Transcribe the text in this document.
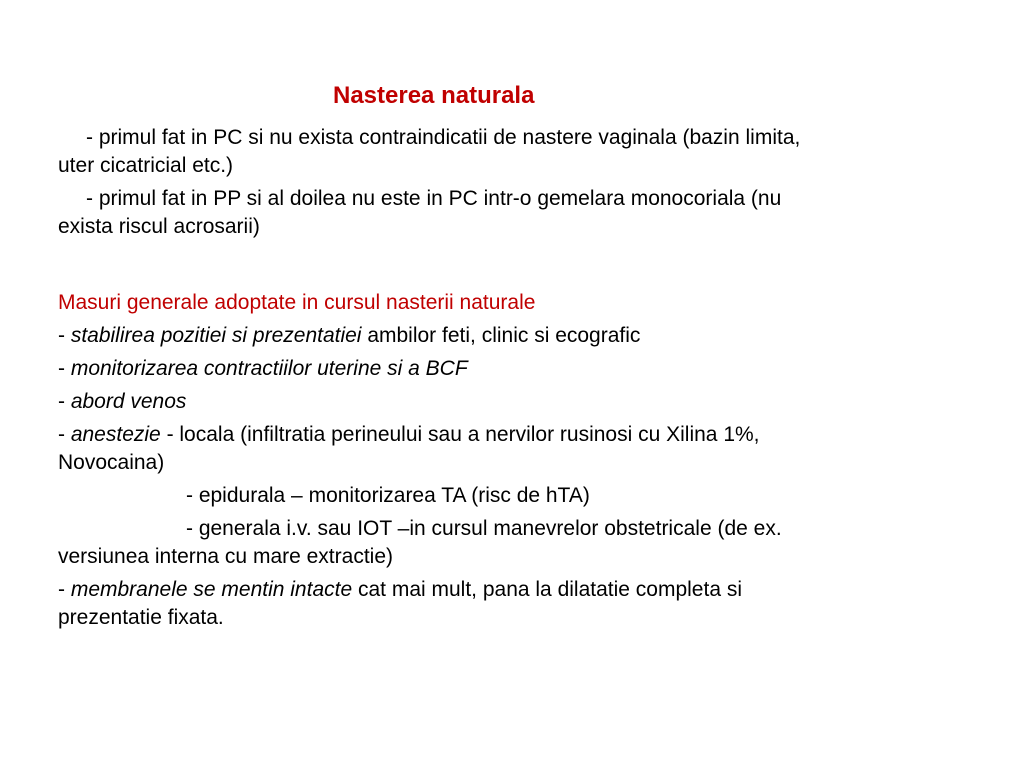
Nasterea naturala
- primul fat in PC si nu exista contraindicatii de nastere vaginala (bazin limita,
uter cicatricial etc.)
- primul fat in PP si al doilea nu este in PC intr-o gemelara monocoriala (nu
exista riscul acrosarii)
Masuri generale adoptate in cursul nasterii naturale
- stabilirea pozitiei si prezentatiei ambilor feti, clinic si ecografic
- monitorizarea contractiilor uterine si a BCF
- abord venos
- anestezie - locala (infiltratia perineului sau a nervilor rusinosi cu Xilina 1%,
Novocaina)
- epidurala – monitorizarea TA (risc de hTA)
- generala i.v. sau IOT –in cursul manevrelor obstetricale (de ex.
versiunea interna cu mare extractie)
- membranele se mentin intacte cat mai mult, pana la dilatatie completa si
prezentatie fixata.
